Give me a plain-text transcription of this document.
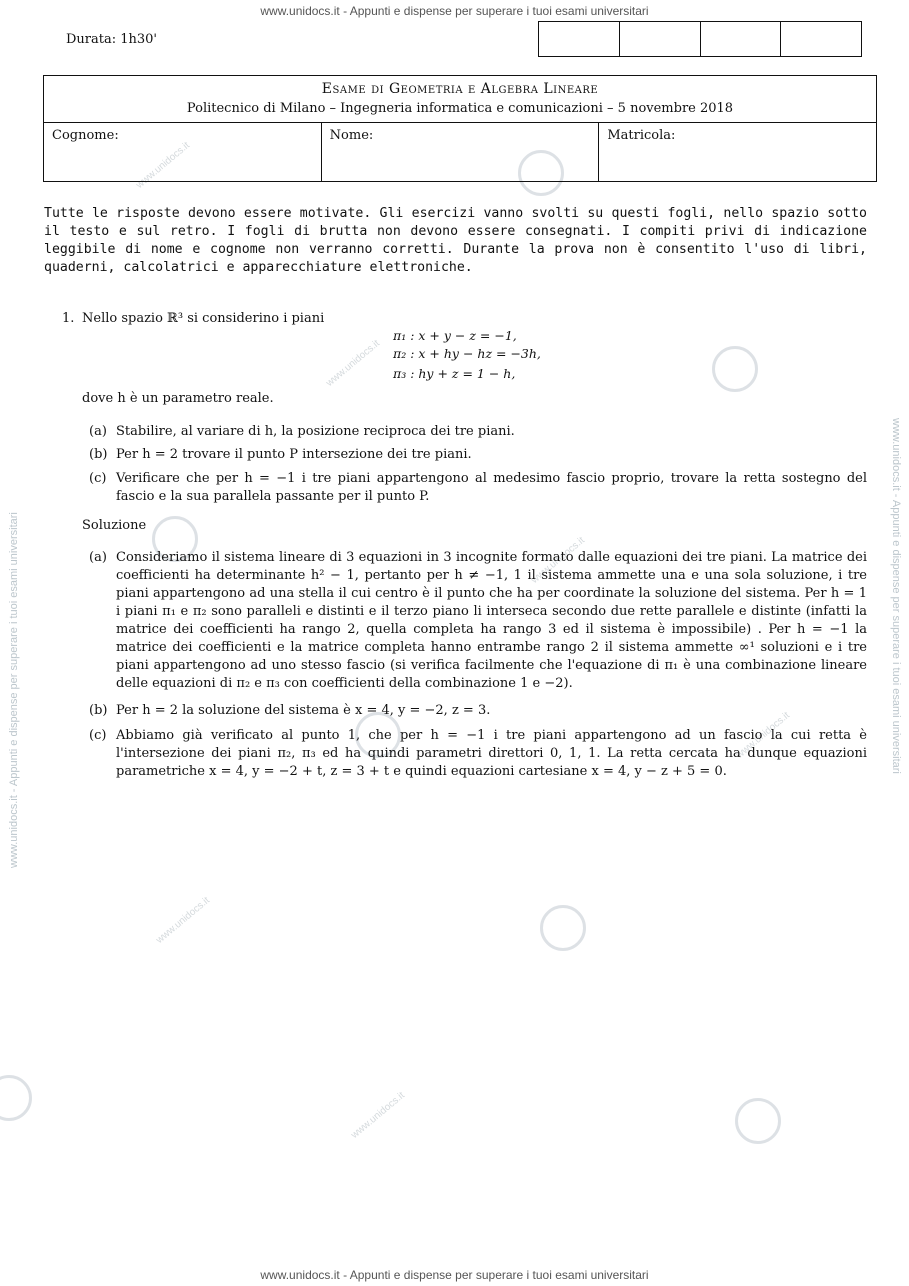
www.unidocs.it - Appunti e dispense per superare i tuoi esami universitari
www.unidocs.it - Appunti e dispense per superare i tuoi esami universitari
www.unidocs.it - Appunti e dispense per superare i tuoi esami universitari	www.unidocs.it - Appunti e dispense per superare i tuoi esami universitari
www.unidocs.it
www.unidocs.it
www.unidocs.it
www.unidocs.it
www.unidocs.it
www.unidocs.it
Durata: 1h30'
Esame di Geometria e Algebra Lineare
Politecnico di Milano – Ingegneria informatica e comunicazioni – 5 novembre 2018
Cognome:	Nome:	Matricola:
Tutte le risposte devono essere motivate. Gli esercizi vanno svolti su questi fogli, nello spazio sotto il testo e sul retro. I fogli di brutta non devono essere consegnati. I compiti privi di indicazione leggibile di nome e cognome non verranno corretti. Durante la prova non è consentito l'uso di libri, quaderni, calcolatrici e apparecchiature elettroniche.
1. Nello spazio ℝ³ si considerino i piani
π₁ : x + y − z = −1,
π₂ : x + hy − hz = −3h,
π₃ : hy + z = 1 − h,
dove h è un parametro reale.
(a) Stabilire, al variare di h, la posizione reciproca dei tre piani.
(b) Per h = 2 trovare il punto P intersezione dei tre piani.
(c) Verificare che per h = −1 i tre piani appartengono al medesimo fascio proprio, trovare la retta sostegno del fascio e la sua parallela passante per il punto P.
Soluzione
(a) Consideriamo il sistema lineare di 3 equazioni in 3 incognite formato dalle equazioni dei tre piani. La matrice dei coefficienti ha determinante h² − 1, pertanto per h ≠ −1, 1 il sistema ammette una e una sola soluzione, i tre piani appartengono ad una stella il cui centro è il punto che ha per coordinate la soluzione del sistema. Per h = 1 i piani π₁ e π₂ sono paralleli e distinti e il terzo piano li interseca secondo due rette parallele e distinte (infatti la matrice dei coefficienti ha rango 2, quella completa ha rango 3 ed il sistema è impossibile) . Per h = −1 la matrice dei coefficienti e la matrice completa hanno entrambe rango 2 il sistema ammette ∞¹ soluzioni e i tre piani appartengono ad uno stesso fascio (si verifica facilmente che l'equazione di π₁ è una combinazione lineare delle equazioni di π₂ e π₃ con coefficienti della combinazione 1 e −2).
(b) Per h = 2 la soluzione del sistema è x = 4, y = −2, z = 3.
(c) Abbiamo già verificato al punto 1, che per h = −1 i tre piani appartengono ad un fascio la cui retta è l'intersezione dei piani π₂, π₃ ed ha quindi parametri direttori 0, 1, 1. La retta cercata ha dunque equazioni parametriche x = 4, y = −2 + t, z = 3 + t e quindi equazioni cartesiane x = 4, y − z + 5 = 0.
